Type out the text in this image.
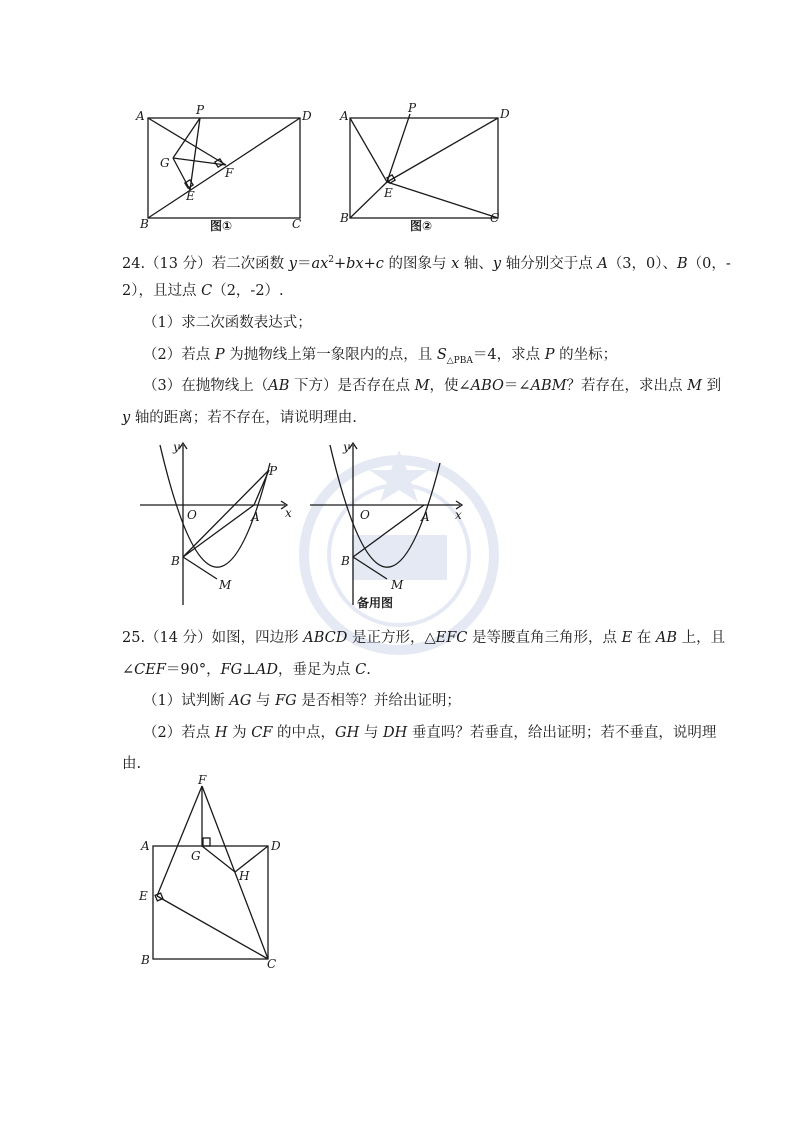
A	P	D
G
F
E
B	C
图①
A
P	D
E
B	C
图②
24.（13 分）若二次函数 $y=ax^2+bx+c$ 的图象与 x 轴、y 轴分别交于点 A（3，0）、B（0，-
2），且过点 C（2，-2）.
（1）求二次函数表达式；
（2）若点 P 为抛物线上第一象限内的点，且 $S_{\triangle PBA}=4$，求点 P 的坐标；
（3）在抛物线上（AB 下方）是否存在点 M，使∠ABO＝∠ABM？若存在，求出点 M 到
y 轴的距离；若不存在，请说明理由.
y
x
O	A
B
M
P
y
x
O	A
B
M
备用图
25.（14 分）如图，四边形 ABCD 是正方形，△EFC 是等腰直角三角形，点 E 在 AB 上，且
∠CEF＝90°，FG⊥AD，垂足为点 C.
（1）试判断 AG 与 FG 是否相等？并给出证明；
（2）若点 H 为 CF 的中点，GH 与 DH 垂直吗？若垂直，给出证明；若不垂直，说明理
由.
F
A
G
D
H
E
B	C
